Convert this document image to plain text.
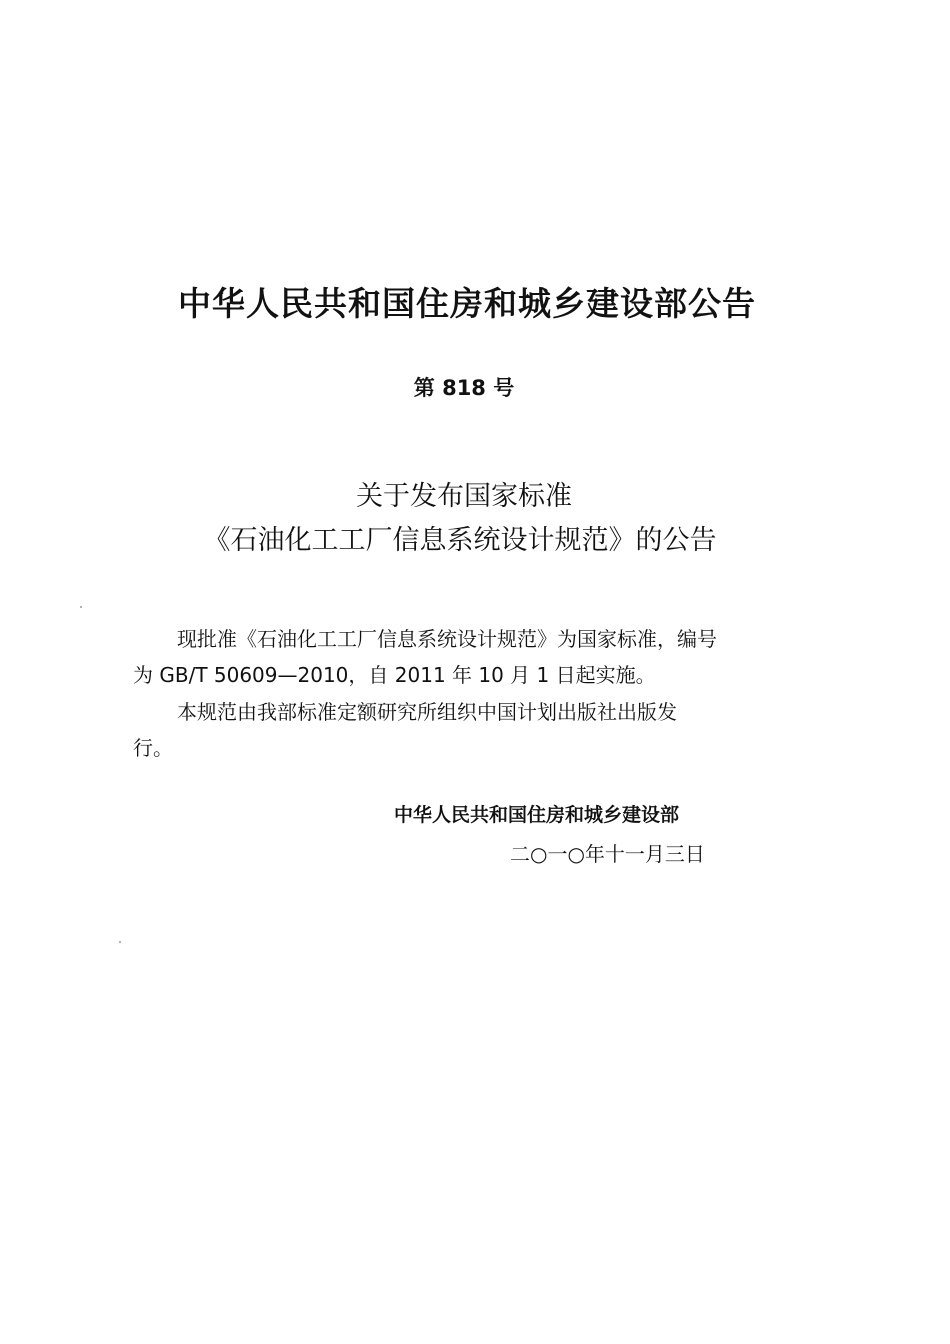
中华人民共和国住房和城乡建设部公告
第 818 号
关于发布国家标准
《石油化工工厂信息系统设计规范》的公告
现批准《石油化工工厂信息系统设计规范》为国家标准，编号
为 GB/T 50609—2010，自 2011 年 10 月 1 日起实施。
本规范由我部标准定额研究所组织中国计划出版社出版发
行。
中华人民共和国住房和城乡建设部
二○一○年十一月三日
